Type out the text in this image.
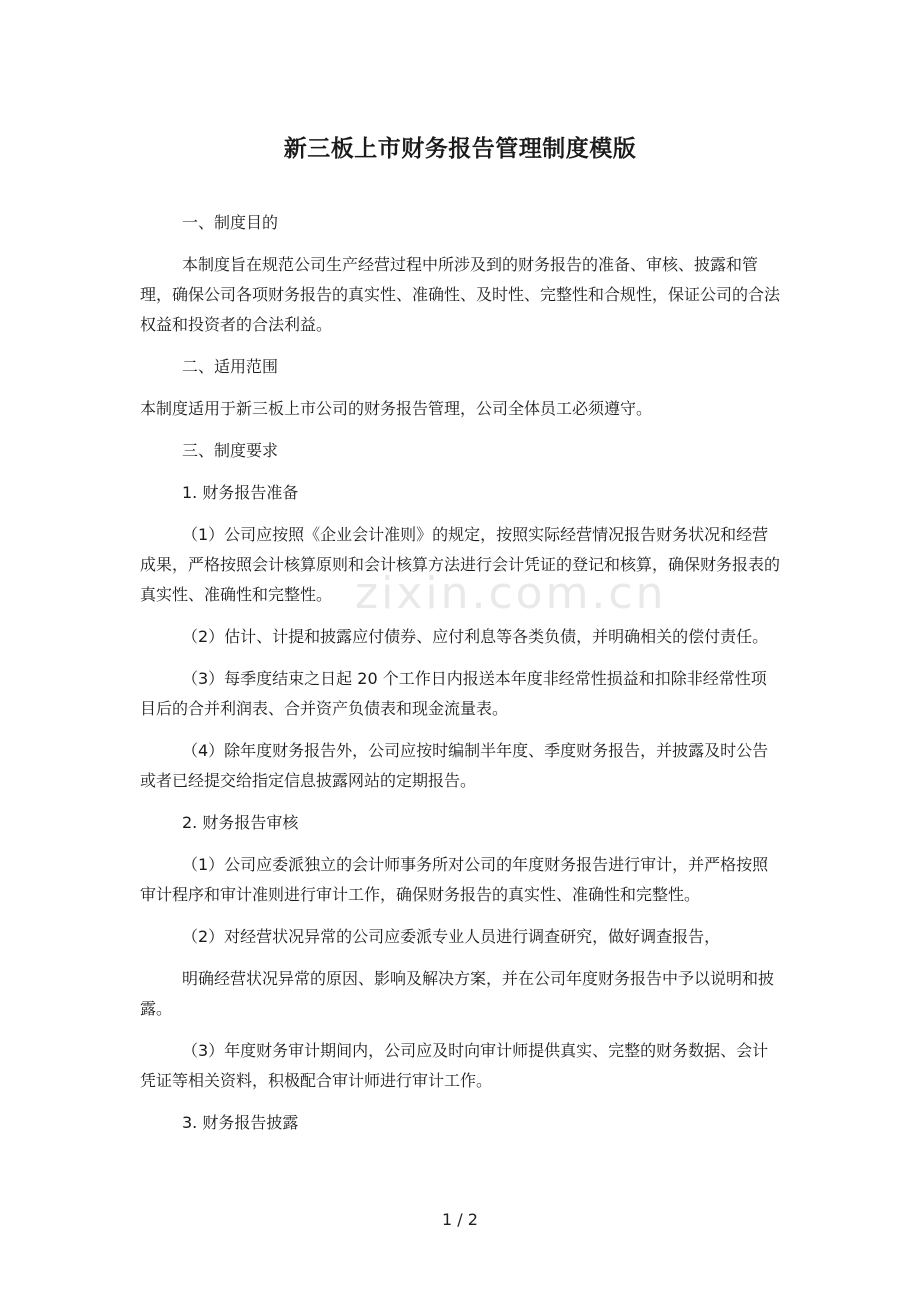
zixin.com.cn
新三板上市财务报告管理制度模版

一、制度目的

本制度旨在规范公司生产经营过程中所涉及到的财务报告的准备、审核、披露和管理，确保公司各项财务报告的真实性、准确性、及时性、完整性和合规性，保证公司的合法权益和投资者的合法利益。

二、适用范围

本制度适用于新三板上市公司的财务报告管理，公司全体员工必须遵守。

三、制度要求

1. 财务报告准备

（1）公司应按照《企业会计准则》的规定，按照实际经营情况报告财务状况和经营成果，严格按照会计核算原则和会计核算方法进行会计凭证的登记和核算，确保财务报表的真实性、准确性和完整性。

（2）估计、计提和披露应付债券、应付利息等各类负债，并明确相关的偿付责任。

（3）每季度结束之日起 20 个工作日内报送本年度非经常性损益和扣除非经常性项目后的合并利润表、合并资产负债表和现金流量表。

（4）除年度财务报告外，公司应按时编制半年度、季度财务报告，并披露及时公告或者已经提交给指定信息披露网站的定期报告。

2. 财务报告审核

（1）公司应委派独立的会计师事务所对公司的年度财务报告进行审计，并严格按照审计程序和审计准则进行审计工作，确保财务报告的真实性、准确性和完整性。

（2）对经营状况异常的公司应委派专业人员进行调查研究，做好调查报告，

明确经营状况异常的原因、影响及解决方案，并在公司年度财务报告中予以说明和披露。

（3）年度财务审计期间内，公司应及时向审计师提供真实、完整的财务数据、会计凭证等相关资料，积极配合审计师进行审计工作。

3. 财务报告披露

1 / 2
